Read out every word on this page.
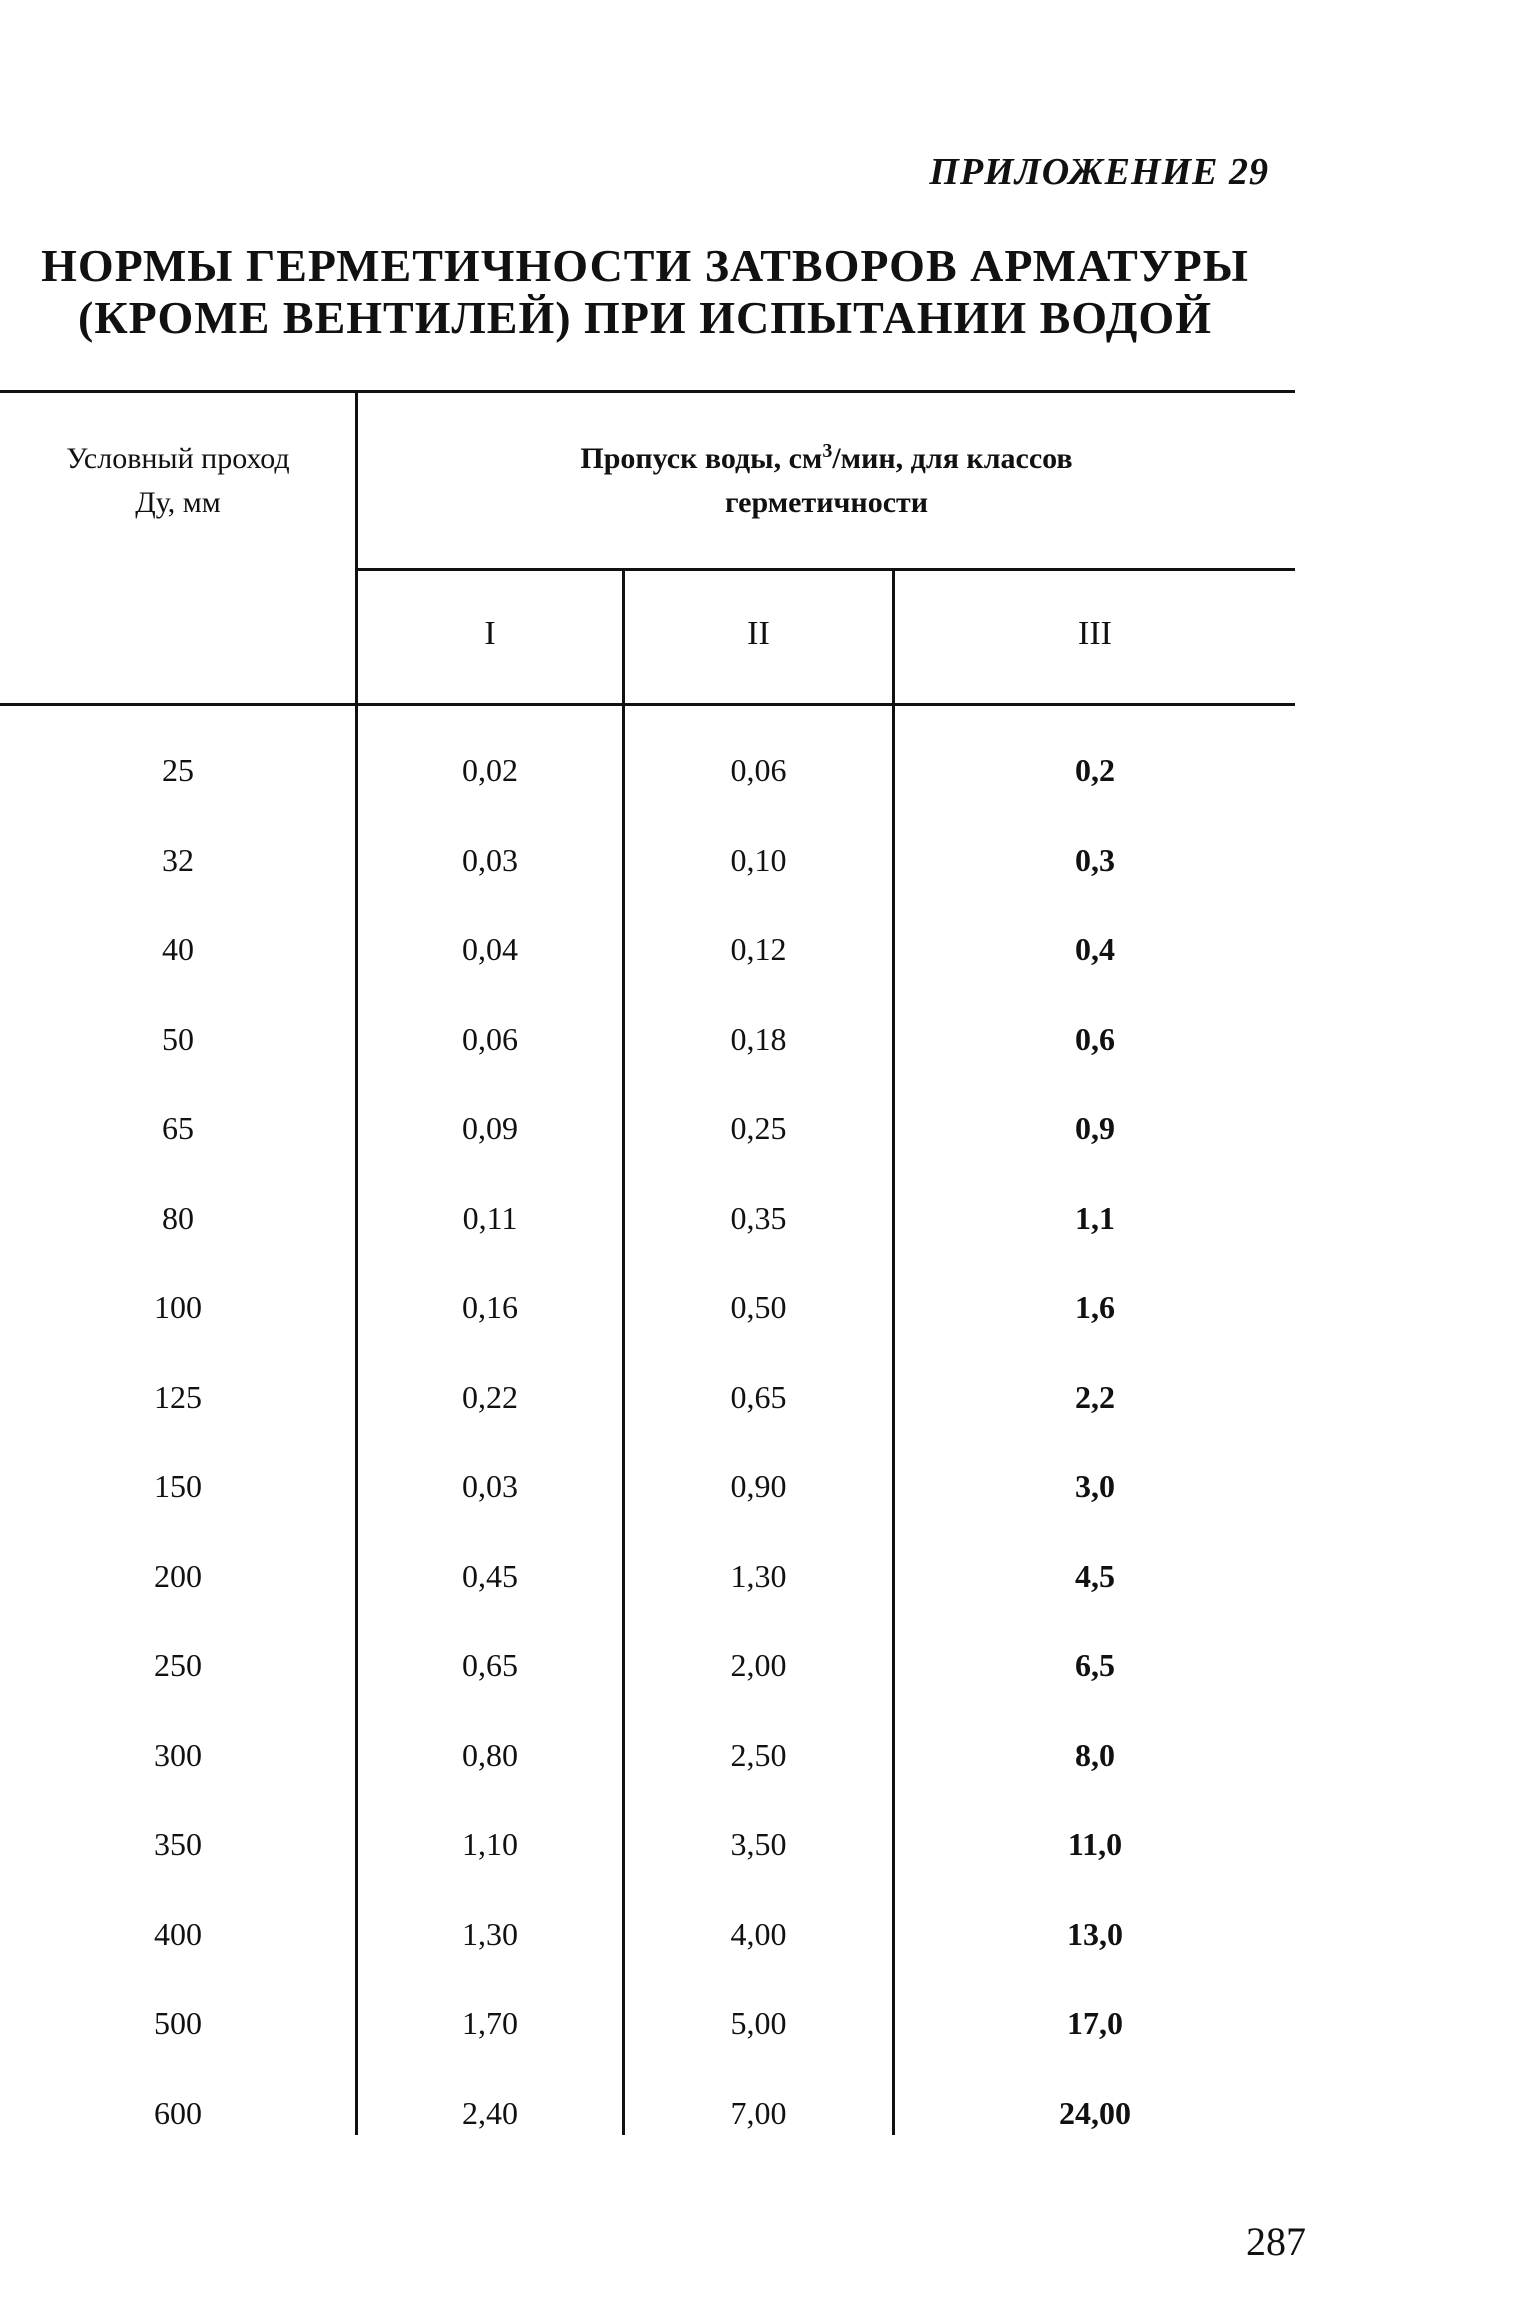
ПРИЛОЖЕНИЕ 29
НОРМЫ ГЕРМЕТИЧНОСТИ ЗАТВОРОВ АРМАТУРЫ
(КРОМЕ ВЕНТИЛЕЙ) ПРИ ИСПЫТАНИИ ВОДОЙ
Условный проход
Ду, мм
Пропуск воды, $см^3$/мин, для классов
герметичности
I	II	III
25	0,02	0,06	0,2
32	0,03	0,10	0,3
40	0,04	0,12	0,4
50	0,06	0,18	0,6
65	0,09	0,25	0,9
80	0,11	0,35	1,1
100	0,16	0,50	1,6
125	0,22	0,65	2,2
150	0,03	0,90	3,0
200	0,45	1,30	4,5
250	0,65	2,00	6,5
300	0,80	2,50	8,0
350	1,10	3,50	11,0
400	1,30	4,00	13,0
500	1,70	5,00	17,0
600	2,40	7,00	24,00
287
